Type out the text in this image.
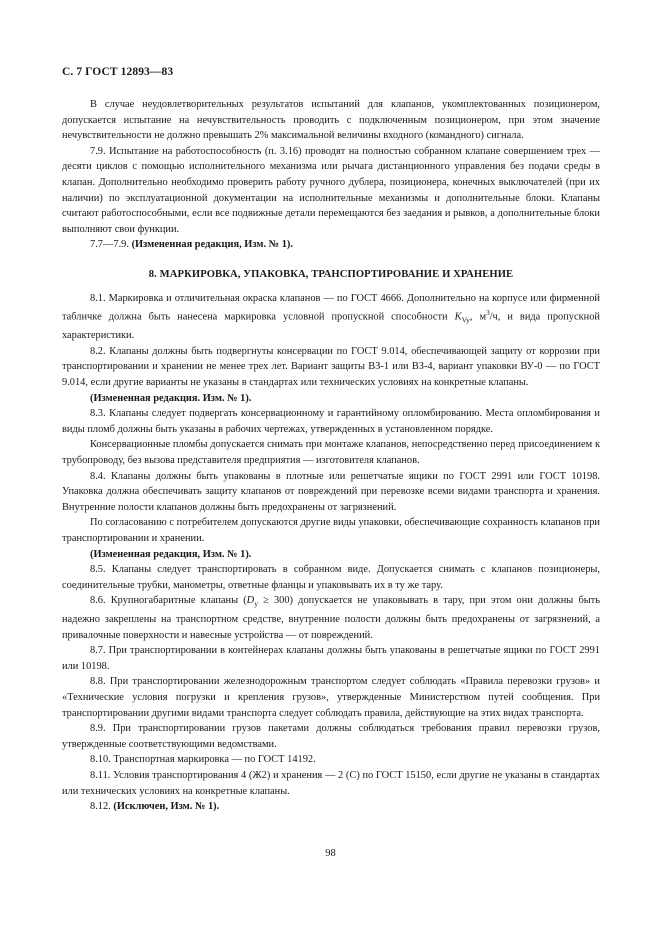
С. 7 ГОСТ 12893—83

В случае неудовлетворительных результатов испытаний для клапанов, укомплектованных позиционером, допускается испытание на нечувствительность проводить с подключенным позиционером, при этом значение нечувствительности не должно превышать 2% максимальной величины входного (командного) сигнала.

7.9. Испытание на работоспособность (п. 3.16) проводят на полностью собранном клапане совершением трех — десяти циклов с помощью исполнительного механизма или рычага дистанционного управления без подачи среды в клапан. Дополнительно необходимо проверить работу ручного дублера, позиционера, конечных выключателей (при их наличии) по эксплуатационной документации на исполнительные механизмы и дополнительные блоки. Клапаны считают работоспособными, если все подвижные детали перемещаются без заедания и рывков, а дополнительные блоки выполняют свои функции.

7.7—7.9. (Измененная редакция, Изм. № 1).

8. МАРКИРОВКА, УПАКОВКА, ТРАНСПОРТИРОВАНИЕ И ХРАНЕНИЕ

8.1. Маркировка и отличительная окраска клапанов — по ГОСТ 4666. Дополнительно на корпусе или фирменной табличке должна быть нанесена маркировка условной пропускной способности $K_{Vy}$, $м^3/ч$, и вида пропускной характеристики.

8.2. Клапаны должны быть подвергнуты консервации по ГОСТ 9.014, обеспечивающей защиту от коррозии при транспортировании и хранении не менее трех лет. Вариант защиты ВЗ-1 или ВЗ-4, вариант упаковки ВУ-0 — по ГОСТ 9.014, если другие варианты не указаны в стандартах или технических условиях на конкретные клапаны.

(Измененная редакция. Изм. № 1).

8.3. Клапаны следует подвергать консервационному и гарантийному опломбированию. Места опломбирования и виды пломб должны быть указаны в рабочих чертежах, утвержденных в установленном порядке.

Консервационные пломбы допускается снимать при монтаже клапанов, непосредственно перед присоединением к трубопроводу, без вызова представителя предприятия — изготовителя клапанов.

8.4. Клапаны должны быть упакованы в плотные или решетчатые ящики по ГОСТ 2991 или ГОСТ 10198. Упаковка должна обеспечивать защиту клапанов от повреждений при перевозке всеми видами транспорта и хранения. Внутренние полости клапанов должны быть предохранены от загрязнений.

По согласованию с потребителем допускаются другие виды упаковки, обеспечивающие сохранность клапанов при транспортировании и хранении.

(Измененная редакция, Изм. № 1).

8.5. Клапаны следует транспортировать в собранном виде. Допускается снимать с клапанов позиционеры, соединительные трубки, манометры, ответные фланцы и упаковывать их в ту же тару.

8.6. Крупногабаритные клапаны $(D_y \ge 300)$ допускается не упаковывать в тару, при этом они должны быть надежно закреплены на транспортном средстве, внутренние полости должны быть предохранены от загрязнений, а привалочные поверхности и навесные устройства — от повреждений.

8.7. При транспортировании в контейнерах клапаны должны быть упакованы в решетчатые ящики по ГОСТ 2991 или 10198.

8.8. При транспортировании железнодорожным транспортом следует соблюдать «Правила перевозки грузов» и «Технические условия погрузки и крепления грузов», утвержденные Министерством путей сообщения. При транспортировании другими видами транспорта следует соблюдать правила, действующие на этих видах транспорта.

8.9. При транспортировании грузов пакетами должны соблюдаться требования правил перевозки грузов, утвержденные соответствующими ведомствами.

8.10. Транспортная маркировка — по ГОСТ 14192.

8.11. Условия транспортирования 4 (Ж2) и хранения — 2 (С) по ГОСТ 15150, если другие не указаны в стандартах или технических условиях на конкретные клапаны.

8.12. (Исключен, Изм. № 1).

98
